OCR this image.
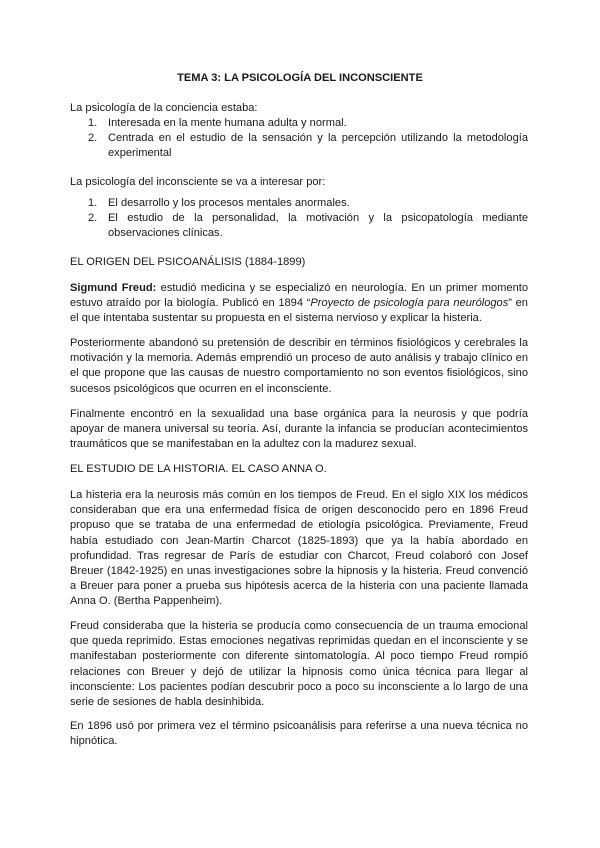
TEMA 3: LA PSICOLOGÍA DEL INCONSCIENTE
La psicología de la conciencia estaba:
1. Interesada en la mente humana adulta y normal.
2. Centrada en el estudio de la sensación y la percepción utilizando la metodología experimental
La psicología del inconsciente se va a interesar por:
1. El desarrollo y los procesos mentales anormales.
2. El estudio de la personalidad, la motivación y la psicopatología mediante observaciones clínicas.
EL ORIGEN DEL PSICOANÁLISIS (1884-1899)
Sigmund Freud: estudió medicina y se especializó en neurología. En un primer momento estuvo atraído por la biología. Publicó en 1894 “Proyecto de psicología para neurólogos” en el que intentaba sustentar su propuesta en el sistema nervioso y explicar la histeria.
Posteriormente abandonó su pretensión de describir en términos fisiológicos y cerebrales la motivación y la memoria. Además emprendió un proceso de auto análisis y trabajo clínico en el que propone que las causas de nuestro comportamiento no son eventos fisiológicos, sino sucesos psicológicos que ocurren en el inconsciente.
Finalmente encontró en la sexualidad una base orgánica para la neurosis y que podría apoyar de manera universal su teoría. Así, durante la infancia se producían acontecimientos traumáticos que se manifestaban en la adultez con la madurez sexual.
EL ESTUDIO DE LA HISTORIA. EL CASO ANNA O.
La histeria era la neurosis más común en los tiempos de Freud. En el siglo XIX los médicos consideraban que era una enfermedad física de origen desconocido pero en 1896 Freud propuso que se trataba de una enfermedad de etiología psicológica. Previamente, Freud había estudiado con Jean-Martin Charcot (1825-1893) que ya la había abordado en profundidad. Tras regresar de París de estudiar con Charcot, Freud colaboró con Josef Breuer (1842-1925) en unas investigaciones sobre la hipnosis y la histeria. Freud convenció a Breuer para poner a prueba sus hipótesis acerca de la histeria con una paciente llamada Anna O. (Bertha Pappenheim).
Freud consideraba que la histeria se producía como consecuencia de un trauma emocional que queda reprimido. Estas emociones negativas reprimidas quedan en el inconsciente y se manifestaban posteriormente con diferente sintomatología. Al poco tiempo Freud rompió relaciones con Breuer y dejó de utilizar la hipnosis como única técnica para llegar al inconsciente: Los pacientes podían descubrir poco a poco su inconsciente a lo largo de una serie de sesiones de habla desinhibida.
En 1896 usó por primera vez el término psicoanálisis para referirse a una nueva técnica no hipnótica.
